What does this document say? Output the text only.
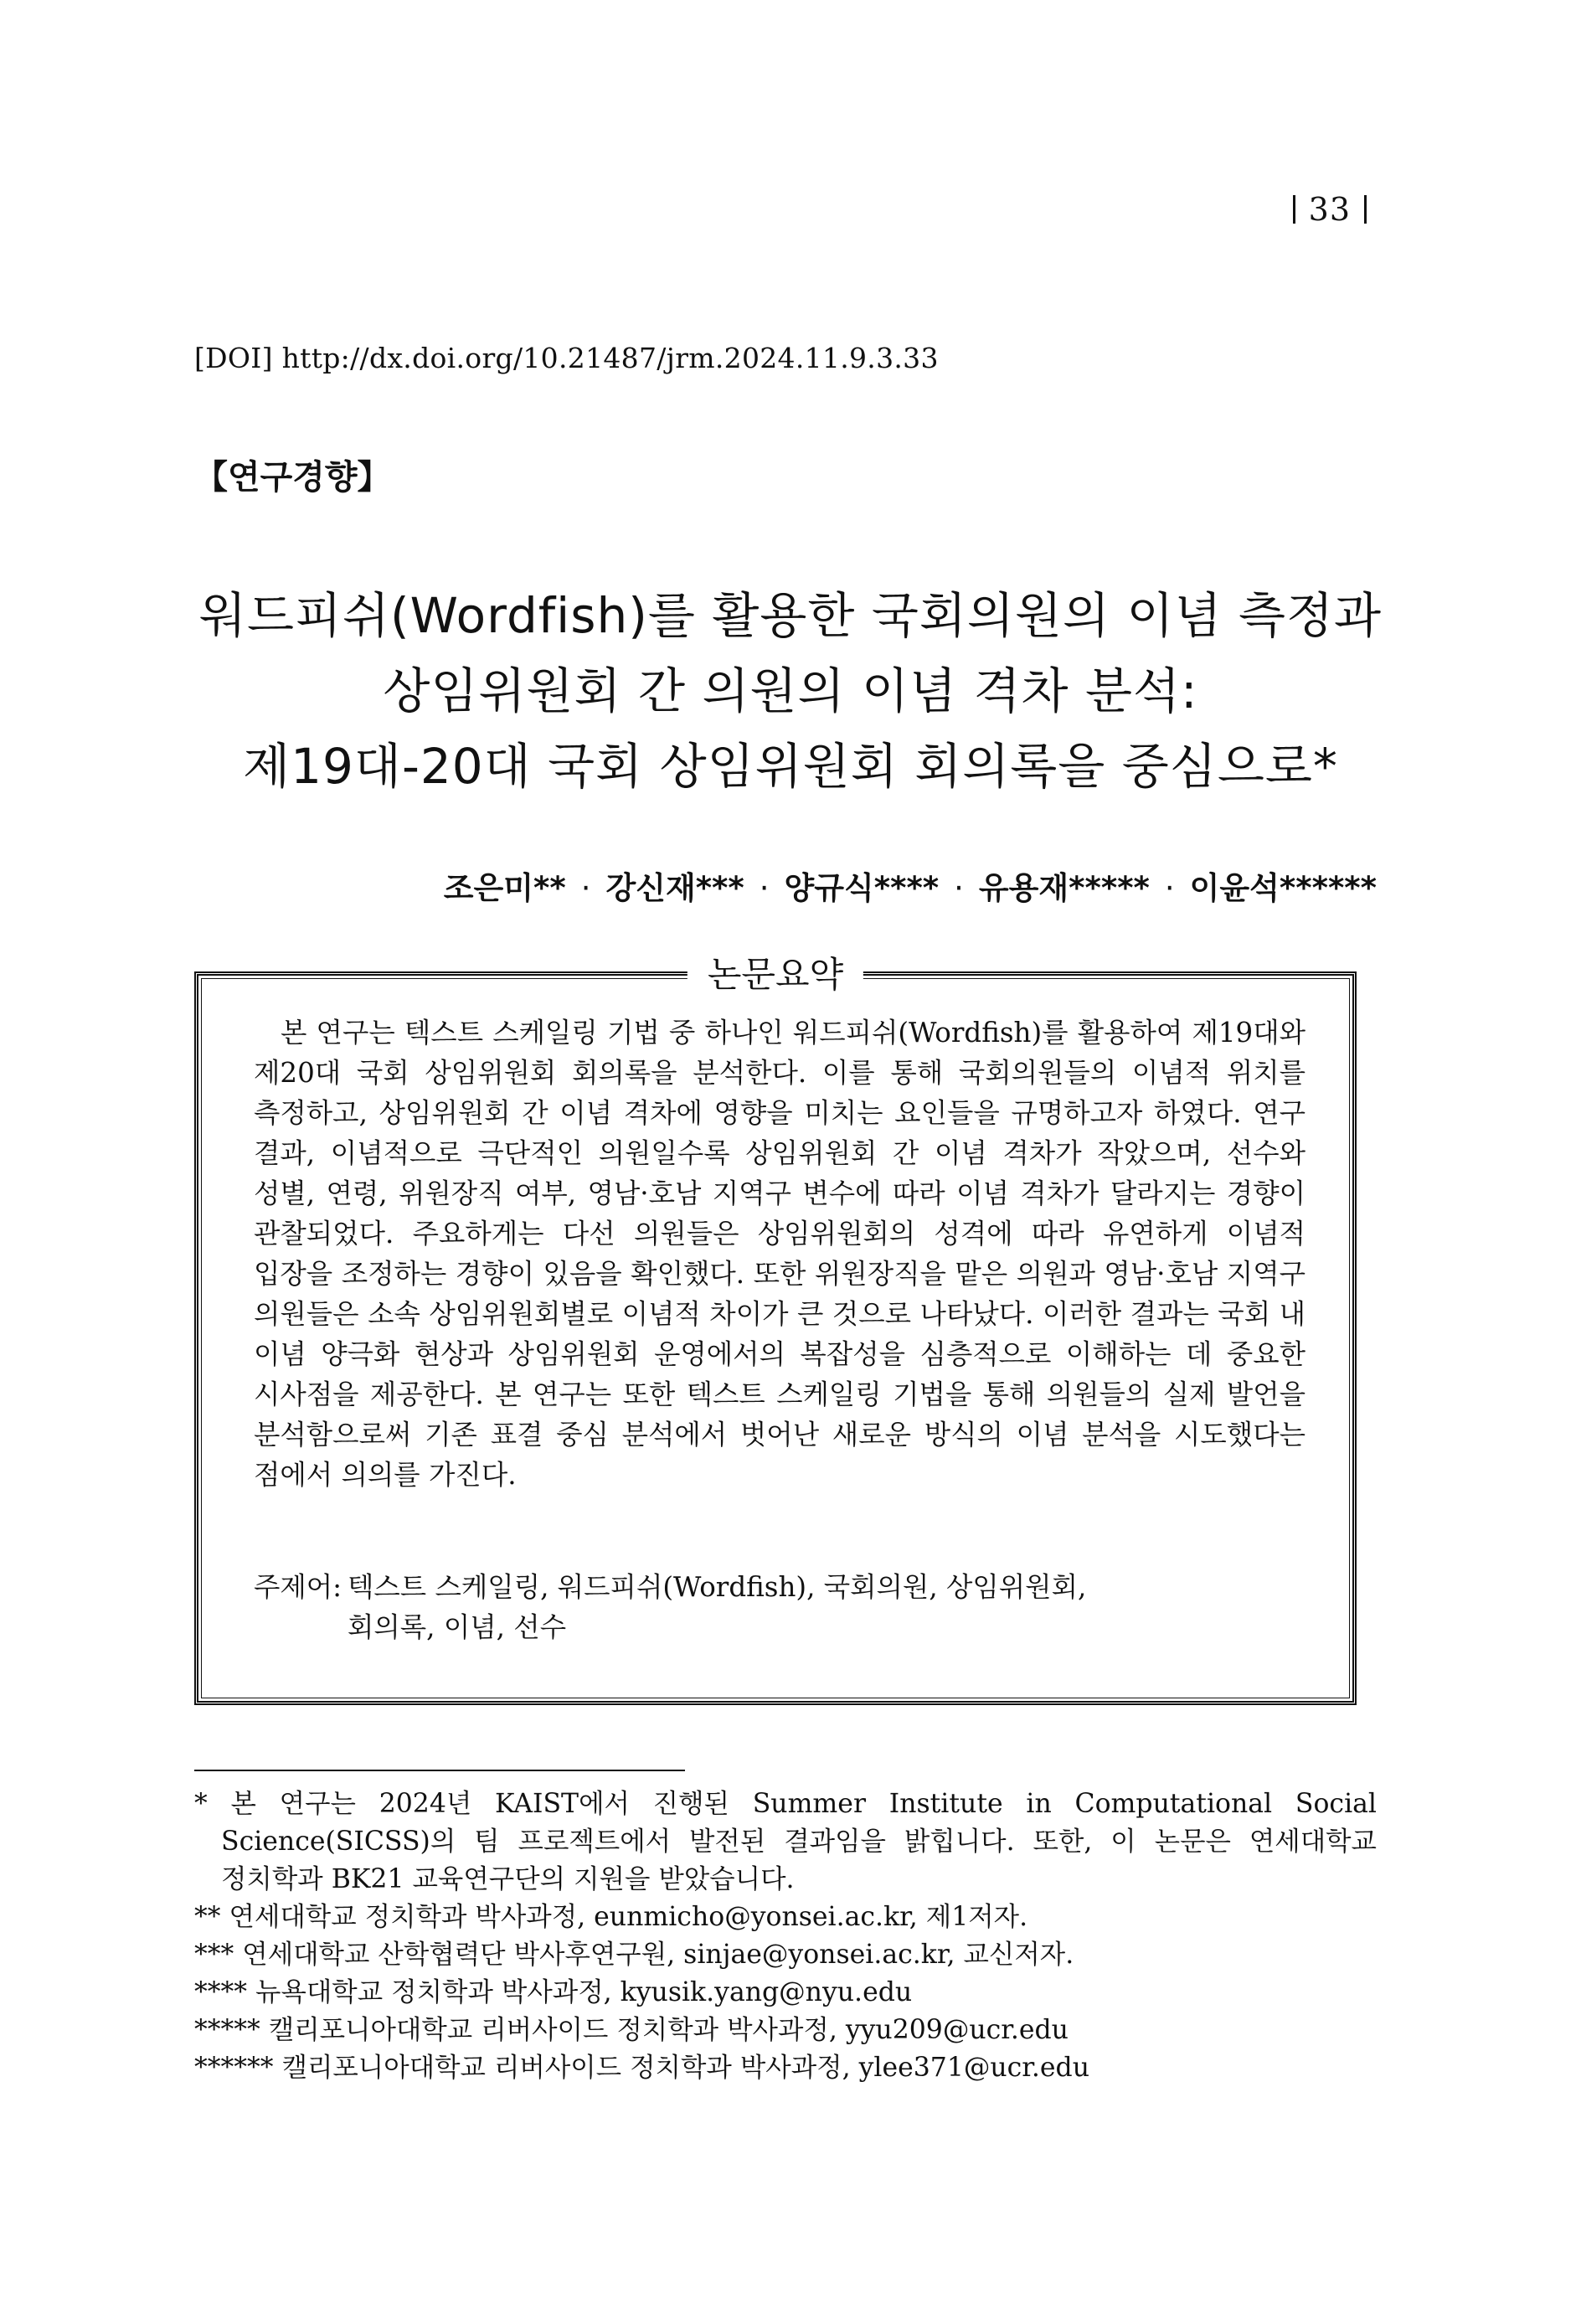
33
[DOI] http://dx.doi.org/10.21487/jrm.2024.11.9.3.33
【연구경향】
워드피쉬(Wordfish)를 활용한 국회의원의 이념 측정과
상임위원회 간 의원의 이념 격차 분석:
제19대-20대 국회 상임위원회 회의록을 중심으로*
조은미** · 강신재*** · 양규식**** · 유용재***** · 이윤석******
논문요약
본 연구는 텍스트 스케일링 기법 중 하나인 워드피쉬(Wordfish)를 활용하여 제19대와 제20대 국회 상임위원회 회의록을 분석한다. 이를 통해 국회의원들의 이념적 위치를 측정하고, 상임위원회 간 이념 격차에 영향을 미치는 요인들을 규명하고자 하였다. 연구 결과, 이념적으로 극단적인 의원일수록 상임위원회 간 이념 격차가 작았으며, 선수와 성별, 연령, 위원장직 여부, 영남·호남 지역구 변수에 따라 이념 격차가 달라지는 경향이 관찰되었다. 주요하게는 다선 의원들은 상임위원회의 성격에 따라 유연하게 이념적 입장을 조정하는 경향이 있음을 확인했다. 또한 위원장직을 맡은 의원과 영남·호남 지역구 의원들은 소속 상임위원회별로 이념적 차이가 큰 것으로 나타났다. 이러한 결과는 국회 내 이념 양극화 현상과 상임위원회 운영에서의 복잡성을 심층적으로 이해하는 데 중요한 시사점을 제공한다. 본 연구는 또한 텍스트 스케일링 기법을 통해 의원들의 실제 발언을 분석함으로써 기존 표결 중심 분석에서 벗어난 새로운 방식의 이념 분석을 시도했다는 점에서 의의를 가진다.
주제어: 텍스트 스케일링, 워드피쉬(Wordfish), 국회의원, 상임위원회,
회의록, 이념, 선수
* 본 연구는 2024년 KAIST에서 진행된 Summer Institute in Computational Social Science(SICSS)의 팀 프로젝트에서 발전된 결과임을 밝힙니다. 또한, 이 논문은 연세대학교 정치학과 BK21 교육연구단의 지원을 받았습니다.
** 연세대학교 정치학과 박사과정, eunmicho@yonsei.ac.kr, 제1저자.
*** 연세대학교 산학협력단 박사후연구원, sinjae@yonsei.ac.kr, 교신저자.
**** 뉴욕대학교 정치학과 박사과정, kyusik.yang@nyu.edu
***** 캘리포니아대학교 리버사이드 정치학과 박사과정, yyu209@ucr.edu
****** 캘리포니아대학교 리버사이드 정치학과 박사과정, ylee371@ucr.edu
